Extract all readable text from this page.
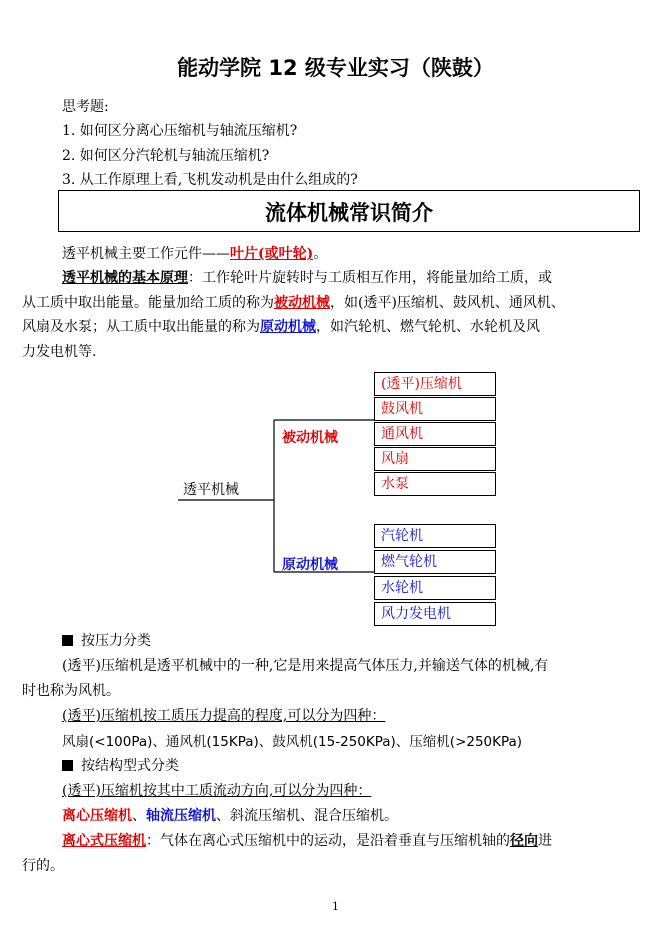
能动学院 12 级专业实习（陕鼓）
思考题:
1. 如何区分离心压缩机与轴流压缩机?
2. 如何区分汽轮机与轴流压缩机?
3. 从工作原理上看,飞机发动机是由什么组成的?
流体机械常识简介
透平机械主要工作元件——叶片(或叶轮)。
透平机械的基本原理：工作轮叶片旋转时与工质相互作用，将能量加给工质，或
从工质中取出能量。能量加给工质的称为被动机械，如(透平)压缩机、鼓风机、通风机、
风扇及水泵；从工质中取出能量的称为原动机械，如汽轮机、燃气轮机、水轮机及风
力发电机等.
透平机械
被动机械
原动机械
(透平)压缩机
鼓风机
通风机
风扇
水泵
汽轮机
燃气轮机
水轮机
风力发电机
按压力分类
(透平)压缩机是透平机械中的一种,它是用来提高气体压力,并输送气体的机械,有
时也称为风机。
(透平)压缩机按工质压力提高的程度,可以分为四种：
风扇(<100Pa)、通风机(15KPa)、鼓风机(15-250KPa)、压缩机(>250KPa)
按结构型式分类
(透平)压缩机按其中工质流动方向,可以分为四种：
离心压缩机、轴流压缩机、斜流压缩机、混合压缩机。
离心式压缩机：气体在离心式压缩机中的运动，是沿着垂直与压缩机轴的径向进
行的。
1
